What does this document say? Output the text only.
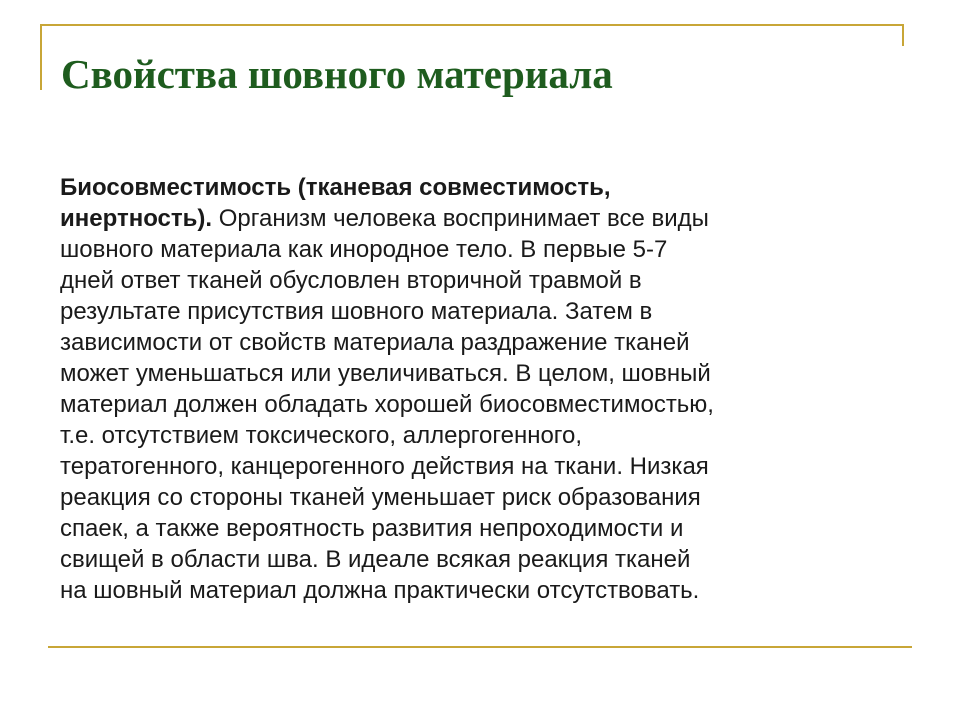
Свойства шовного материала

Биосовместимость (тканевая совместимость,
инертность). Организм человека воспринимает все виды
шовного материала как инородное тело. В первые 5-7
дней ответ тканей обусловлен вторичной травмой в
результате присутствия шовного материала. Затем в
зависимости от свойств материала раздражение тканей
может уменьшаться или увеличиваться. В целом, шовный
материал должен обладать хорошей биосовместимостью,
т.е. отсутствием токсического, аллергогенного,
тератогенного, канцерогенного действия на ткани. Низкая
реакция со стороны тканей уменьшает риск образования
спаек, а также вероятность развития непроходимости и
свищей в области шва. В идеале всякая реакция тканей
на шовный материал должна практически отсутствовать.
